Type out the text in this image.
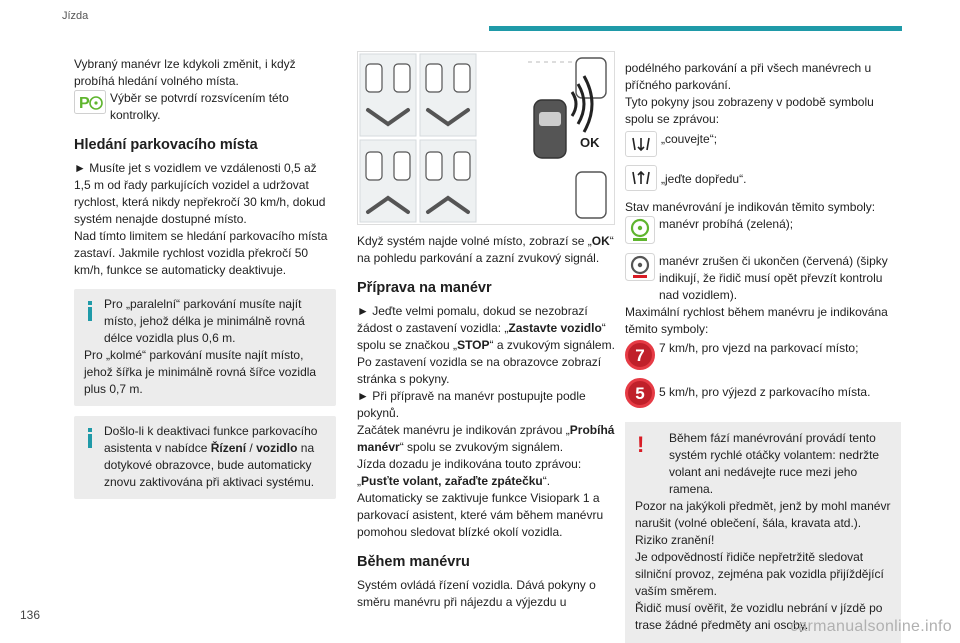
Jízda

Vybraný manévr lze kdykoli změnit, i když probíhá hledání volného místa.

P Výběr se potvrdí rozsvícením této kontrolky.

Hledání parkovacího místa

► Musíte jet s vozidlem ve vzdálenosti 0,5 až 1,5 m od řady parkujících vozidel a udržovat rychlost, která nikdy nepřekročí 30 km/h, dokud systém nenajde dostupné místo.

Nad tímto limitem se hledání parkovacího místa zastaví. Jakmile rychlost vozidla překročí 50 km/h, funkce se automaticky deaktivuje.

Pro „paralelní“ parkování musíte najít místo, jehož délka je minimálně rovná délce vozidla plus 0,6 m.

Pro „kolmé“ parkování musíte najít místo, jehož šířka je minimálně rovná šířce vozidla plus 0,7 m.

Došlo-li k deaktivaci funkce parkovacího asistenta v nabídce Řízení / vozidlo na dotykové obrazovce, bude automaticky znovu zaktivována při aktivaci systému.

OK

Když systém najde volné místo, zobrazí se „OK“ na pohledu parkování a zazní zvukový signál.

Příprava na manévr

► Jeďte velmi pomalu, dokud se nezobrazí žádost o zastavení vozidla: „Zastavte vozidlo“ spolu se značkou „STOP“ a zvukovým signálem.

Po zastavení vozidla se na obrazovce zobrazí stránka s pokyny.

► Při přípravě na manévr postupujte podle pokynů.

Začátek manévru je indikován zprávou „Probíhá manévr“ spolu se zvukovým signálem.

Jízda dozadu je indikována touto zprávou:

„Pusťte volant, zařaďte zpátečku“.

Automaticky se zaktivuje funkce Visiopark 1 a parkovací asistent, které vám během manévru pomohou sledovat blízké okolí vozidla.

Během manévru

Systém ovládá řízení vozidla. Dává pokyny o směru manévru při nájezdu a výjezdu u

podélného parkování a při všech manévrech u příčného parkování.

Tyto pokyny jsou zobrazeny v podobě symbolu spolu se zprávou:

„couvejte“;

„jeďte dopředu“.

Stav manévrování je indikován těmito symboly:

manévr probíhá (zelená);

manévr zrušen či ukončen (červená) (šipky indikují, že řidič musí opět převzít kontrolu nad vozidlem).

Maximální rychlost během manévru je indikována těmito symboly:

7	7 km/h, pro vjezd na parkovací místo;

5	5 km/h, pro výjezd z parkovacího místa.

!	Během fází manévrování provádí tento systém rychlé otáčky volantem: nedržte volant ani nedávejte ruce mezi jeho ramena.

Pozor na jakýkoli předmět, jenž by mohl manévr narušit (volné oblečení, šála, kravata atd.). Riziko zranění!

Je odpovědností řidiče nepřetržitě sledovat silniční provoz, zejména pak vozidla přijíždějící vaším směrem.

Řidič musí ověřit, že vozidlu nebrání v jízdě po trase žádné předměty ani osoby.

136
carmanualsonline.info
